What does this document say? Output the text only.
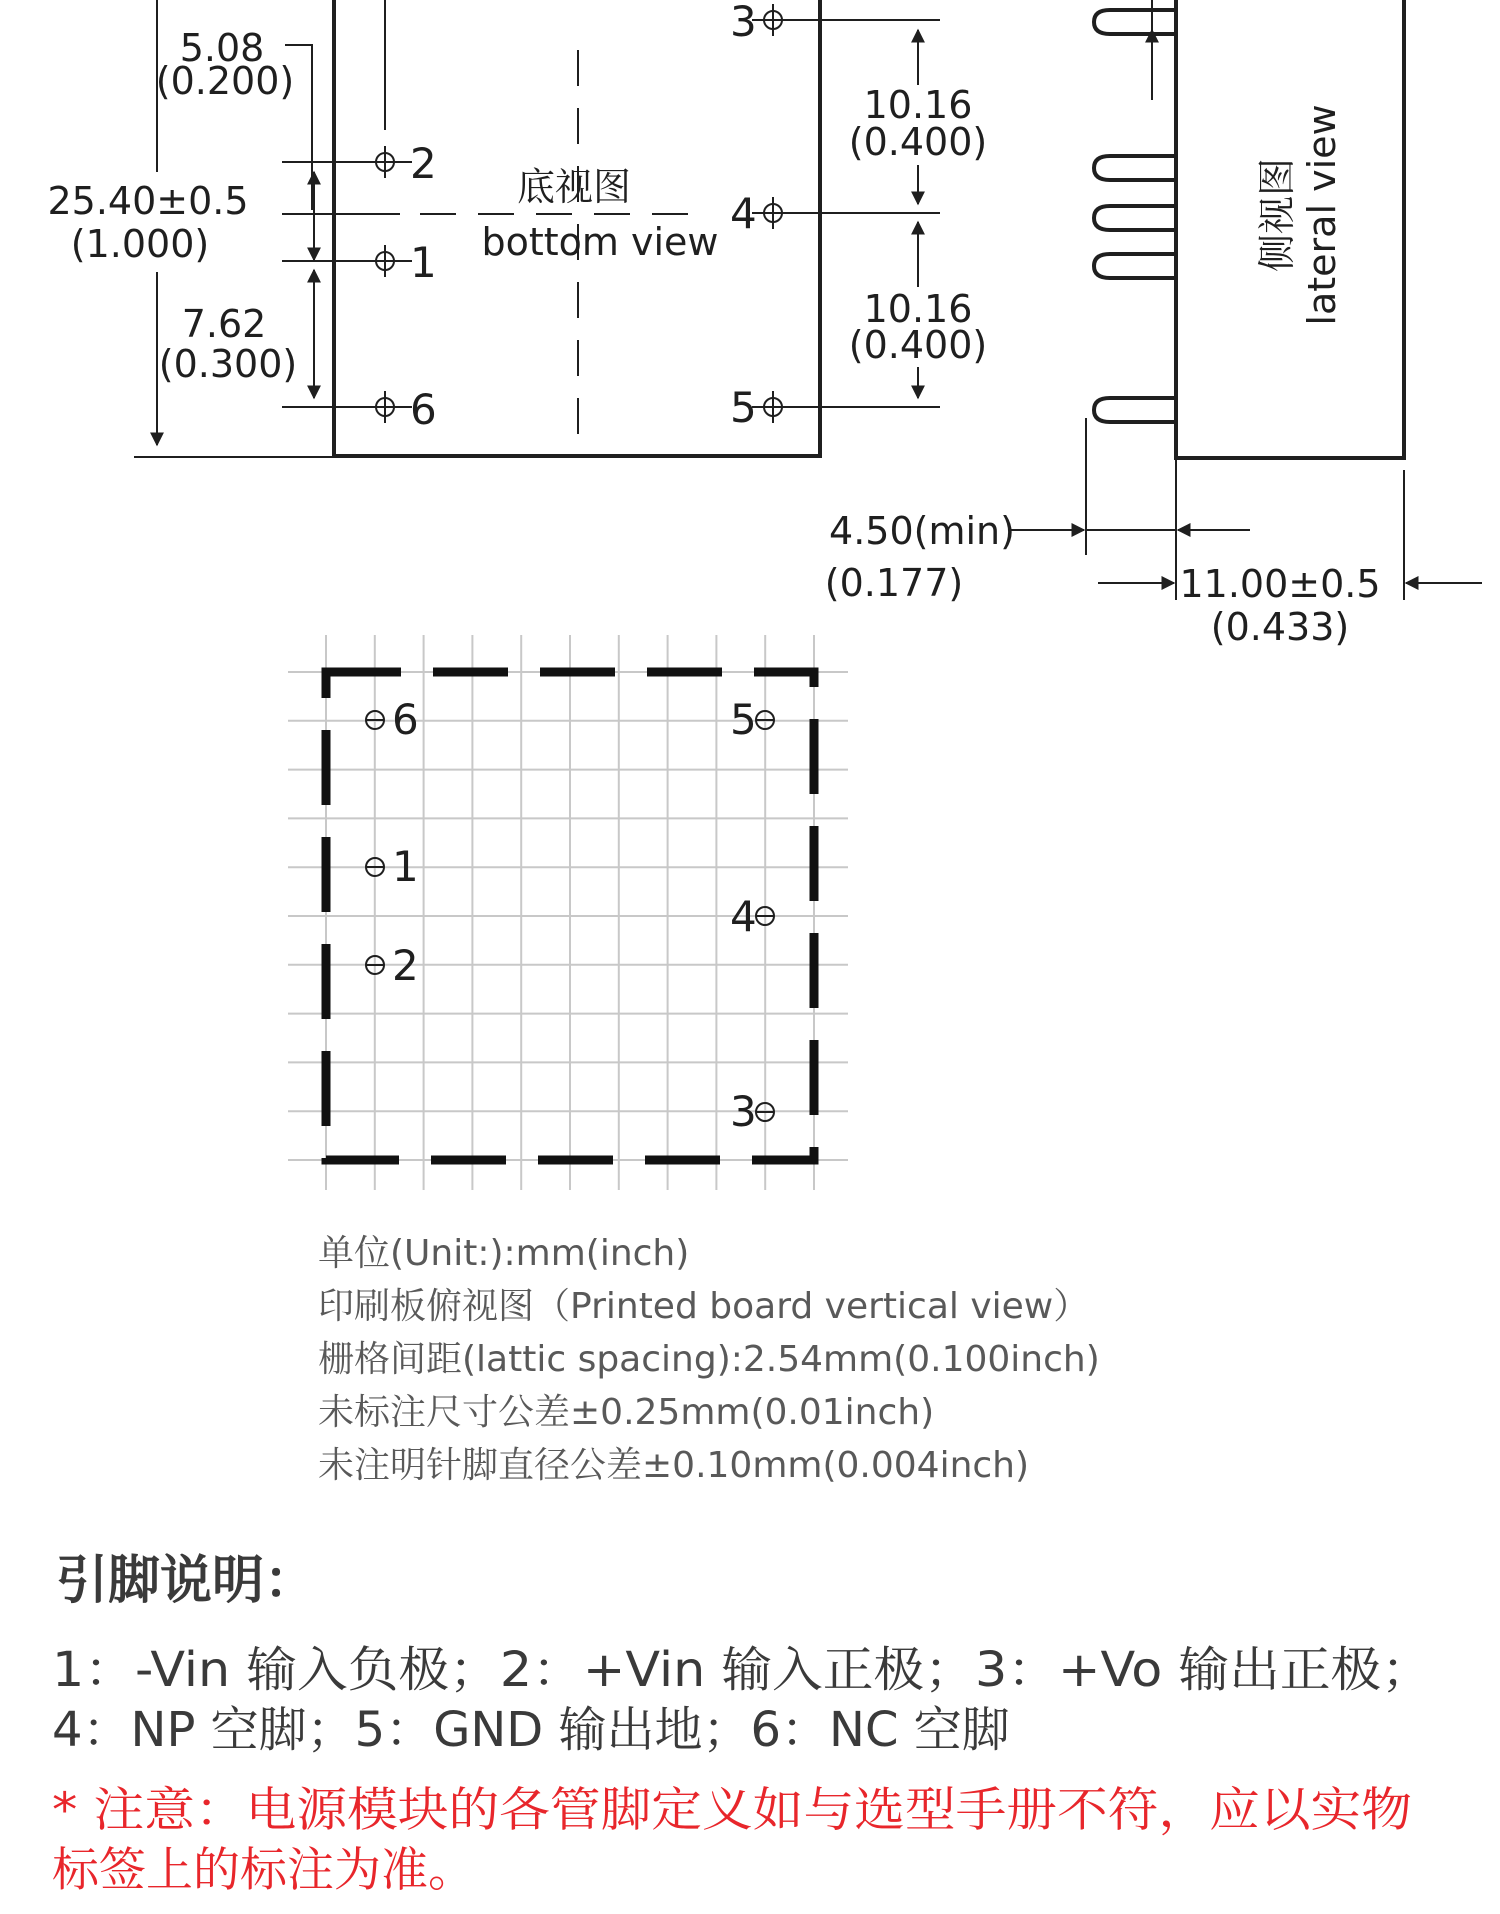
底视图
bottom view
2
1
6
3
4
5
25.40±0.5
(1.000)
5.08
(0.200)
7.62
(0.300)
10.16
(0.400)
10.16
(0.400)
侧视图 lateral view
4.50(min)
(0.177)	11.00±0.5
(0.433)
6	5
1
4
2
3
单位(Unit:):mm(inch)
印刷板俯视图（Printed board vertical view）
栅格间距(lattic spacing):2.54mm(0.100inch)
未标注尺寸公差±0.25mm(0.01inch)
未注明针脚直径公差±0.10mm(0.004inch)
引脚说明：
1：-Vin 输入负极；2：+Vin 输入正极；3：+Vo 输出正极；
4：NP 空脚；5：GND 输出地；6：NC 空脚
* 注意：电源模块的各管脚定义如与选型手册不符，应以实物
标签上的标注为准。
